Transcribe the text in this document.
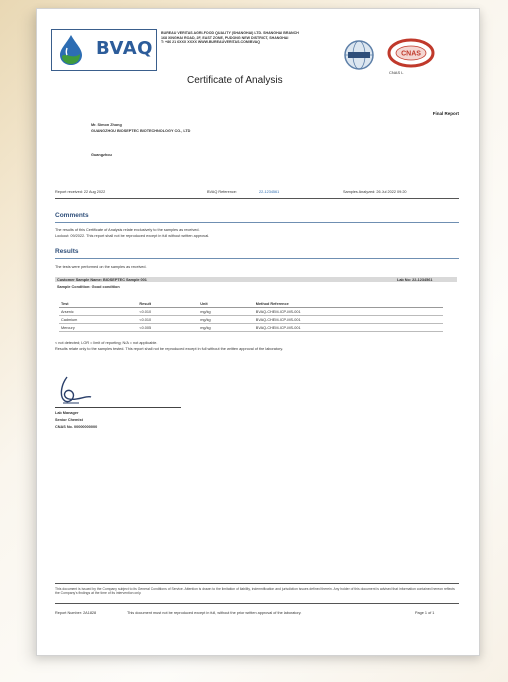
BVAQ
BUREAU VERITAS AGRI-FOOD QUALITY (SHANGHAI) LTD. SHANGHAI BRANCH
168 XINGHAI ROAD, 2F, EAST ZONE, PUDONG NEW DISTRICT, SHANGHAI
T: +86 21 6XXX XXXX WWW.BUREAUVERITAS.COM/BVAQ
Certificate of Analysis
CNAS
CNAS L
Final Report
Mr. Simon Zhong
GUANGZHOU BIOSEPTEC BIOTECHNOLOGY CO., LTD
Guangzhou
Report received: 22 Aug 2022	BVAQ Reference:	22-1234561	Samples Analyzed: 26 Jul 2022 09:20
Comments
The results of this Certificate of Analysis relate exclusively to the samples as received.
Lockout: 09/2022. This report shall not be reproduced except in full without written approval.
Results
The tests were performed on the samples as received.
Customer Sample Name: BIOSEPTEC Sample 001	Lab No: 22-1234561
Sample Condition: Good condition
Test	Result	Unit	Method Reference
Arsenic	<0.010	mg/kg	BVAQ-CHEM-ICP-MS-001
Cadmium	<0.010	mg/kg	BVAQ-CHEM-ICP-MS-001
Mercury	<0.005	mg/kg	BVAQ-CHEM-ICP-MS-001
< not detected; LOR = limit of reporting; N/A = not applicable.
Results relate only to the samples tested. This report shall not be reproduced except in full without the written approval of the laboratory.
Lab Manager
Senior Chemist
CNAS No. 00000000000
This document is issued by the Company subject to its General Conditions of Service. Attention is drawn to the limitation of liability, indemnification and jurisdiction issues defined therein. Any holder of this document is advised that information contained hereon reflects the Company's findings at the time of its intervention only.
Report Number: 2A1828	This document must not be reproduced except in full, without the prior written approval of the laboratory.	Page 1 of 1
